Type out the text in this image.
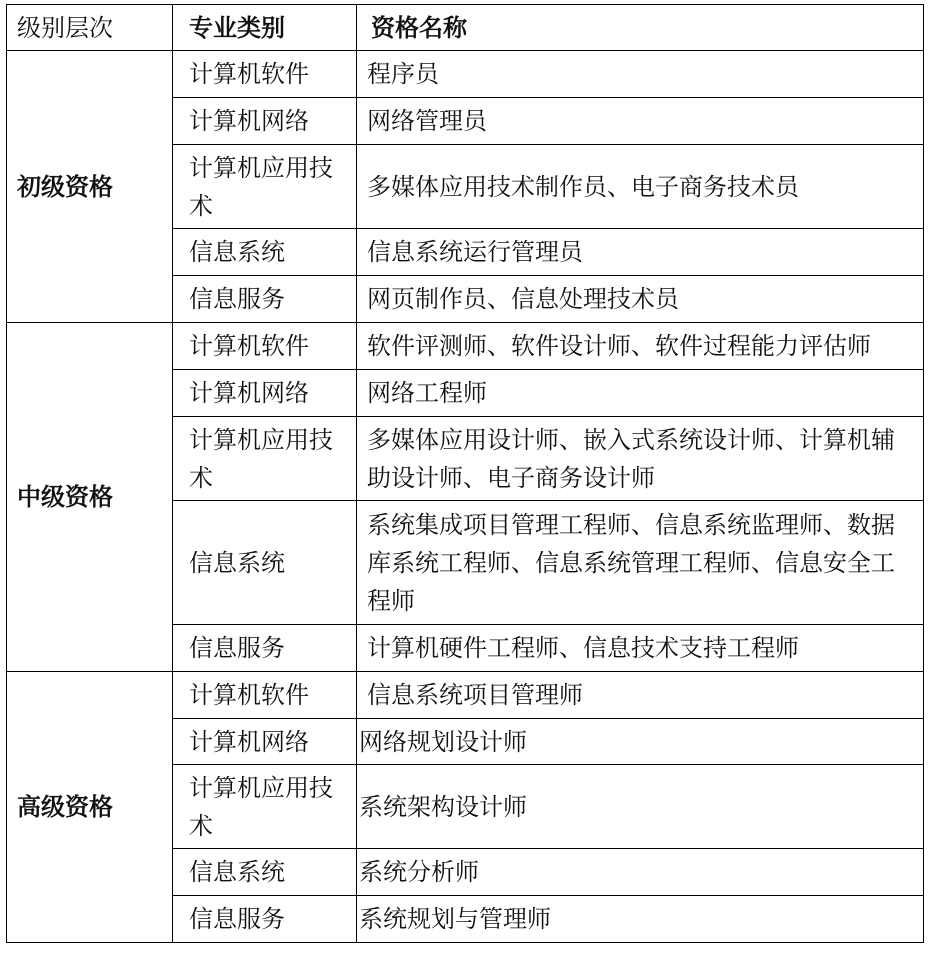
级别层次	专业类别	资格名称
初级资格	计算机软件	程序员
	计算机网络	网络管理员
	计算机应用技术	多媒体应用技术制作员、电子商务技术员
	信息系统	信息系统运行管理员
	信息服务	网页制作员、信息处理技术员
中级资格	计算机软件	软件评测师、软件设计师、软件过程能力评估师
	计算机网络	网络工程师
	计算机应用技术	多媒体应用设计师、嵌入式系统设计师、计算机辅助设计师、电子商务设计师
	信息系统	系统集成项目管理工程师、信息系统监理师、数据库系统工程师、信息系统管理工程师、信息安全工程师
	信息服务	计算机硬件工程师、信息技术支持工程师
高级资格	计算机软件	信息系统项目管理师
	计算机网络	网络规划设计师
	计算机应用技术	系统架构设计师
	信息系统	系统分析师
	信息服务	系统规划与管理师
